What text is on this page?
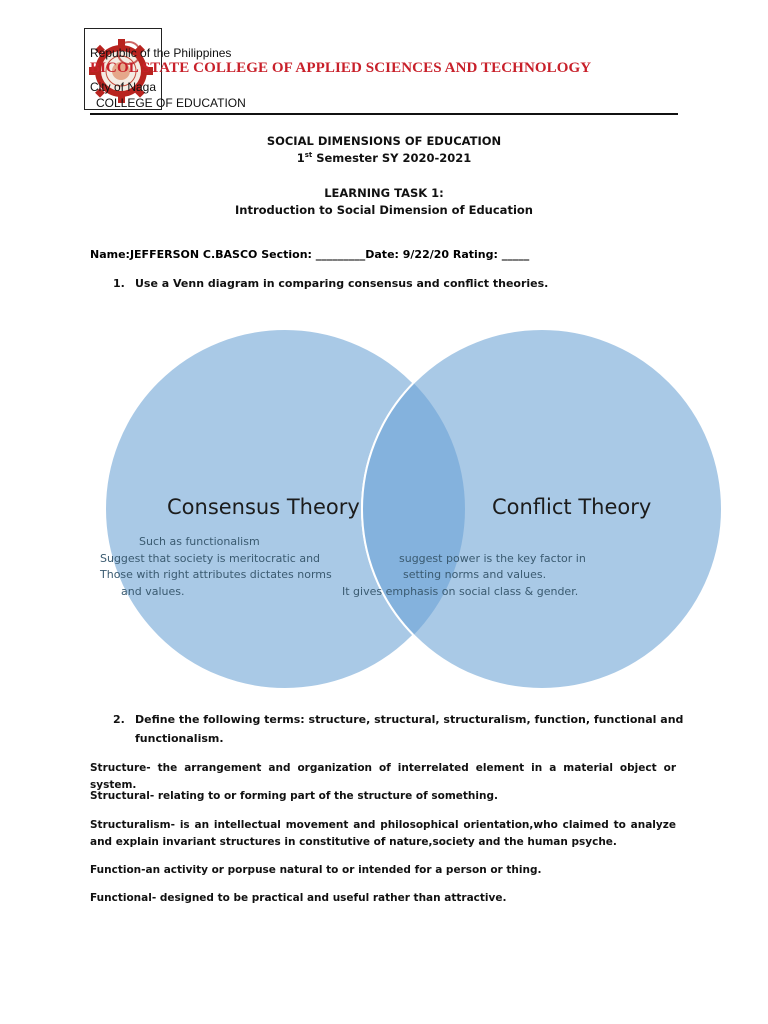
Republic of the Philippines
BICOL STATE COLLEGE OF APPLIED SCIENCES AND TECHNOLOGY
City of Naga
COLLEGE OF EDUCATION
SOCIAL DIMENSIONS OF EDUCATION
1st Semester SY 2020-2021
LEARNING TASK 1:
Introduction to Social Dimension of Education
Name:JEFFERSON C.BASCO Section: _________Date: 9/22/20 Rating: _____
1. Use a Venn diagram in comparing consensus and conflict theories.
Consensus Theory	Conflict Theory
Such as functionalism
Suggest that society is meritocratic and
Those with right attributes dictates norms
and values.
suggest power is the key factor in
setting norms and values.
It gives emphasis on social class & gender.
2. Define the following terms: structure, structural, structuralism, function, functional and
functionalism.
Structure- the arrangement and organization of interrelated element in a material object or system.
Structural- relating to or forming part of the structure of something.
Structuralism- is an intellectual movement and philosophical orientation,who claimed to analyze and explain invariant structures in constitutive of nature,society and the human psyche.
Function-an activity or porpuse natural to or intended for a person or thing.
Functional- designed to be practical and useful rather than attractive.
